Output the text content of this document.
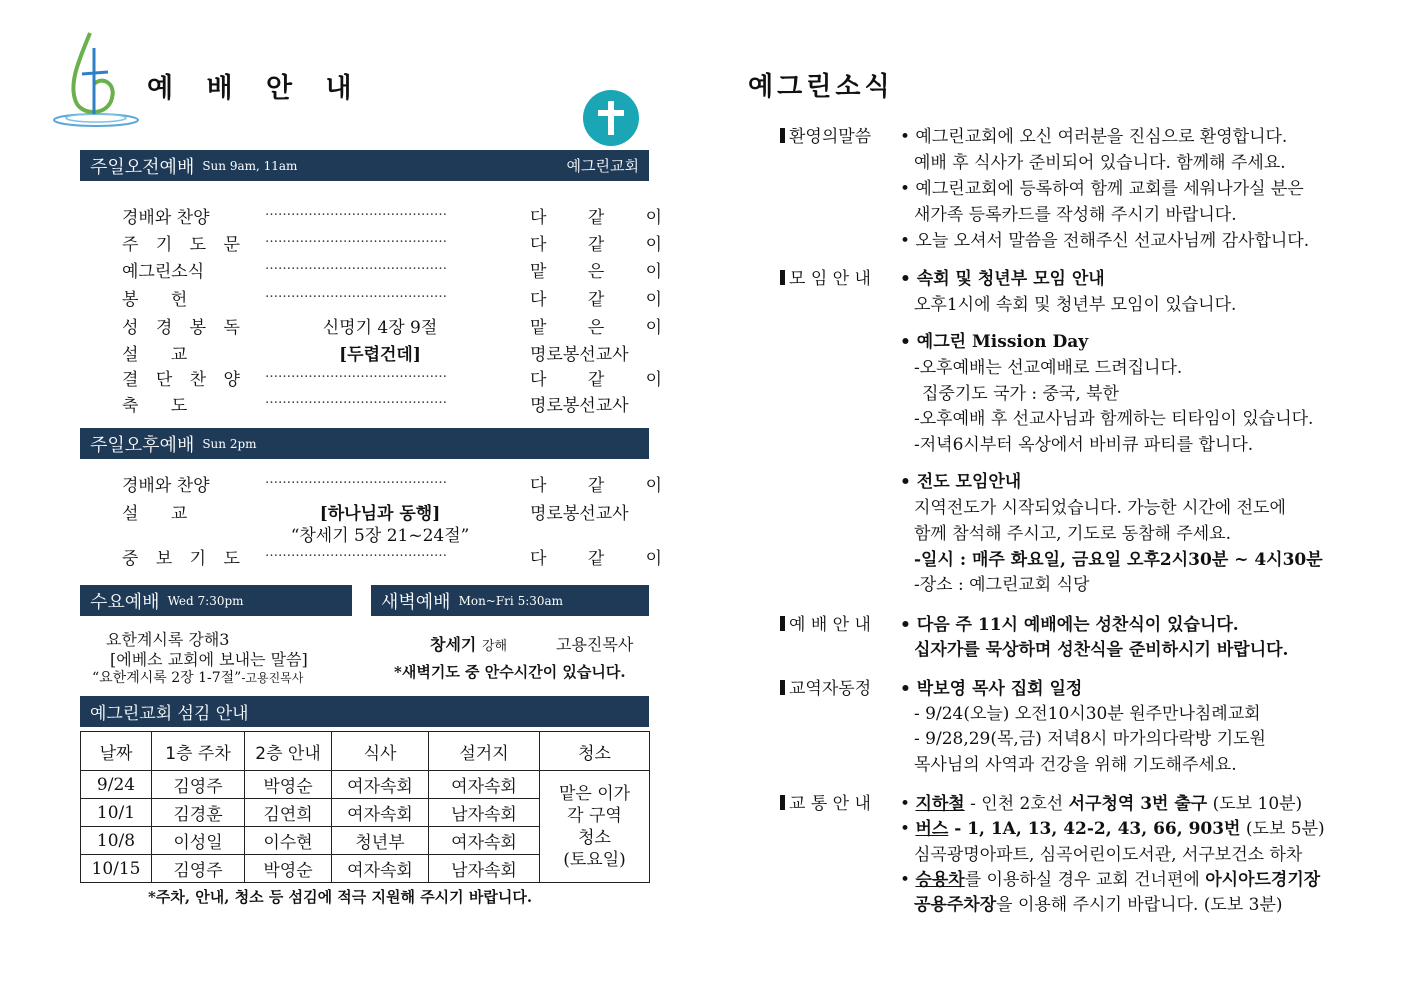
예 배 안 내
주일오전예배 Sun 9am, 11am	예그린교회
경배와 찬양	……………………………………	다 같 이
주 기 도 문 ……………………………………	다 같 이
예그린소식	……………………………………	맡 은 이
봉      헌	……………………………………	다 같 이
성 경 봉 독	신명기 4장 9절	맡 은 이
설      교	[두렵건데]	명로봉선교사
결 단 찬 양 ……………………………………	다 같 이
축      도	……………………………………	명로봉선교사
주일오후예배 Sun 2pm
경배와 찬양	……………………………………	다 같 이
설      교	[하나님과 동행]	명로봉선교사
“창세기 5장 21~24절”
중 보 기 도 ……………………………………	다 같 이
수요예배 Wed 7:30pm	새벽예배 Mon~Fri 5:30am
요한계시록 강해3
[에베소 교회에 보내는 말씀]
“요한계시록 2장 1-7절”-고용진목사
창세기 강해	고용진목사
*새벽기도 중 안수시간이 있습니다.
예그린교회 섬김 안내
날짜	1층 주차	2층 안내	식사	설거지	청소
9/24	김영주	박영순	여자속회	여자속회	맡은 이가
각 구역
청소
(토요일)

10/1	김경훈	김연희	여자속회	남자속회	
10/8	이성일	이수현	청년부	여자속회	
10/15	김영주	박영순	여자속회	남자속회	
*주차, 안내, 청소 등 섬김에 적극 지원해 주시기 바랍니다.
예그린소식
환영의말씀 • 예그린교회에 오신 여러분을 진심으로 환영합니다.
예배 후 식사가 준비되어 있습니다. 함께해 주세요.
• 예그린교회에 등록하여 함께 교회를 세워나가실 분은
새가족 등록카드를 작성해 주시기 바랍니다.
• 오늘 오셔서 말씀을 전해주신 선교사님께 감사합니다.
모 임 안 내 • 속회 및 청년부 모임 안내
오후1시에 속회 및 청년부 모임이 있습니다.
• 예그린 Mission Day
-오후예배는 선교예배로 드려집니다.
집중기도 국가 : 중국, 북한
-오후예배 후 선교사님과 함께하는 티타임이 있습니다.
-저녁6시부터 옥상에서 바비큐 파티를 합니다.
• 전도 모임안내
지역전도가 시작되었습니다. 가능한 시간에 전도에
함께 참석해 주시고, 기도로 동참해 주세요.
-일시 : 매주 화요일, 금요일 오후2시30분 ~ 4시30분
-장소 : 예그린교회 식당
예 배 안 내 • 다음 주 11시 예배에는 성찬식이 있습니다.
십자가를 묵상하며 성찬식을 준비하시기 바랍니다.
교역자동정 • 박보영 목사 집회 일정
- 9/24(오늘) 오전10시30분 원주만나침례교회
- 9/28,29(목,금) 저녁8시 마가의다락방 기도원
목사님의 사역과 건강을 위해 기도해주세요.
교 통 안 내 • 지하철 - 인천 2호선 서구청역 3번 출구 (도보 10분)
• 버스 - 1, 1A, 13, 42-2, 43, 66, 903번 (도보 5분)
심곡광명아파트, 심곡어린이도서관, 서구보건소 하차
• 승용차를 이용하실 경우 교회 건너편에 아시아드경기장
공용주차장을 이용해 주시기 바랍니다. (도보 3분)
